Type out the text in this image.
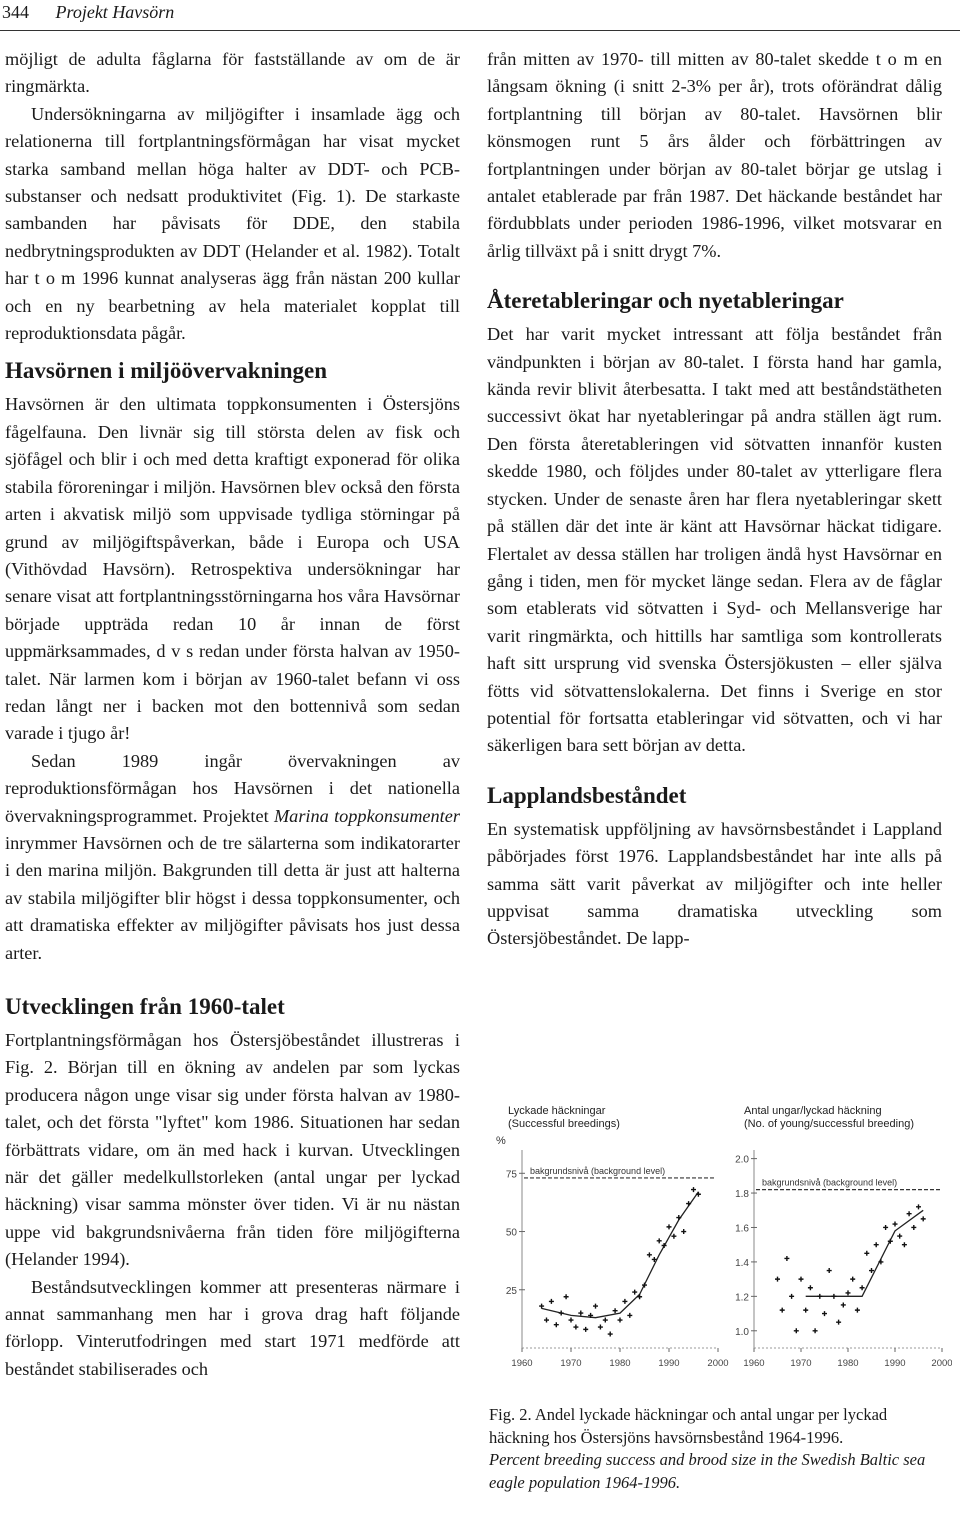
344 Projekt Havsörn

möjligt de adulta fåglarna för fastställande av om de är ringmärkta.

Undersökningarna av miljögifter i insamlade ägg och relationerna till fortplantningsförmågan har visat mycket starka samband mellan höga halter av DDT- och PCB-substanser och nedsatt produktivitet (Fig. 1). De starkaste sambanden har påvisats för DDE, den stabila nedbrytningsprodukten av DDT (Helander et al. 1982). Totalt har t o m 1996 kunnat analyseras ägg från nästan 200 kullar och en ny bearbetning av hela materialet kopplat till reproduktionsdata pågår.

Havsörnen i miljöövervakningen

Havsörnen är den ultimata toppkonsumenten i Östersjöns fågelfauna. Den livnär sig till största delen av fisk och sjöfågel och blir i och med detta kraftigt exponerad för olika stabila föroreningar i miljön. Havsörnen blev också den första arten i akvatisk miljö som uppvisade tydliga störningar på grund av miljögiftspåverkan, både i Europa och USA (Vithövdad Havsörn). Retrospektiva undersökningar har senare visat att fortplantningsstörningarna hos våra Havsörnar började uppträda redan 10 år innan de först uppmärksammades, d v s redan under första halvan av 1950-talet. När larmen kom i början av 1960-talet befann vi oss redan långt ner i backen mot den bottennivå som sedan varade i tjugo år!

Sedan 1989 ingår övervakningen av reproduktionsförmågan hos Havsörnen i det nationella övervakningsprogrammet. Projektet Marina toppkonsumenter inrymmer Havsörnen och de tre sälarterna som indikatorarter i den marina miljön. Bakgrunden till detta är just att halterna av stabila miljögifter blir högst i dessa toppkonsumenter, och att dramatiska effekter av miljögifter påvisats hos just dessa arter.

Utvecklingen från 1960-talet

Fortplantningsförmågan hos Östersjöbeståndet illustreras i Fig. 2. Början till en ökning av andelen par som lyckas producera någon unge visar sig under första halvan av 1980-talet, och det första "lyftet" kom 1986. Situationen har sedan förbättrats vidare, om än med hack i kurvan. Utvecklingen när det gäller medelkullstorleken (antal ungar per lyckad häckning) visar samma mönster över tiden. Vi är nu nästan uppe vid bakgrundsnivåerna från tiden före miljögifterna (Helander 1994).

Beståndsutvecklingen kommer att presenteras närmare i annat sammanhang men har i grova drag haft följande förlopp. Vinterutfodringen med start 1971 medförde att beståndet stabiliserades och

från mitten av 1970- till mitten av 80-talet skedde t o m en långsam ökning (i snitt 2-3% per år), trots oförändrat dålig fortplantning till början av 80-talet. Havsörnen blir könsmogen runt 5 års ålder och förbättringen av fortplantningen under början av 80-talet börjar ge utslag i antalet etablerade par från 1987. Det häckande beståndet har fördubblats under perioden 1986-1996, vilket motsvarar en årlig tillväxt på i snitt drygt 7%.

Återetableringar och nyetableringar

Det har varit mycket intressant att följa beståndet från vändpunkten i början av 80-talet. I första hand har gamla, kända revir blivit återbesatta. I takt med att beståndstätheten successivt ökat har nyetableringar på andra ställen ägt rum. Den första återetableringen vid sötvatten innanför kusten skedde 1980, och följdes under 80-talet av ytterligare flera stycken. Under de senaste åren har flera nyetableringar skett på ställen där det inte är känt att Havsörnar häckat tidigare. Flertalet av dessa ställen har troligen ändå hyst Havsörnar en gång i tiden, men för mycket länge sedan. Flera av de fåglar som etablerats vid sötvatten i Syd- och Mellansverige har varit ringmärkta, och hittills har samtliga som kontrollerats haft sitt ursprung vid svenska Östersjökusten – eller själva fötts vid sötvattenslokalerna. Det finns i Sverige en stor potential för fortsatta etableringar vid sötvatten, och vi har säkerligen bara sett början av detta.

Lapplandsbeståndet

En systematisk uppföljning av havsörnsbeståndet i Lappland påbörjades först 1976. Lapplandsbeståndet har inte alls på samma sätt varit påverkat av miljögifter och inte heller uppvisat samma dramatiska utveckling som Östersjöbeståndet. De lapp-

Lyckade häckningar
(Successful breedings)
%
25
50
75
1960	1970	1980	1990	2000
bakgrundsnivå (background level)
Antal ungar/lyckad häckning
(No. of young/successful breeding)
1.0
1.2
1.4
1.6
1.8
2.0
1960	1970	1980	1990	2000
bakgrundsnivå (background level)
Fig. 2. Andel lyckade häckningar och antal ungar per lyckad häckning hos Östersjöns havsörnsbestånd 1964-1996.
Percent breeding success and brood size in the Swedish Baltic sea eagle population 1964-1996.
